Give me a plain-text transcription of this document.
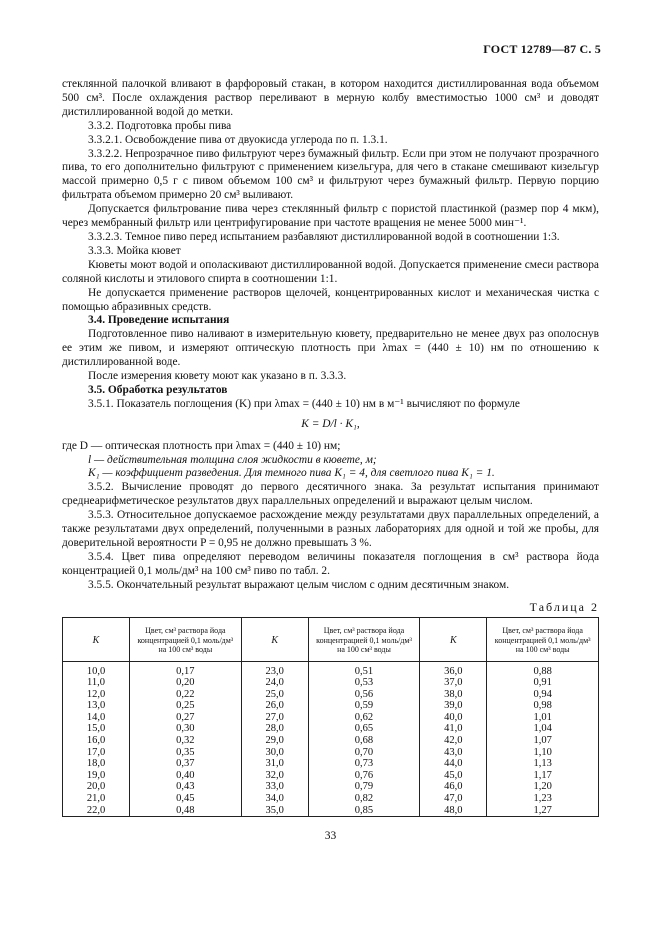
ГОСТ 12789—87 С. 5

стеклянной палочкой вливают в фарфоровый стакан, в котором находится дистиллированная вода объемом 500 см³. После охлаждения раствор переливают в мерную колбу вместимостью 1000 см³ и доводят дистиллированной водой до метки.

3.3.2. Подготовка пробы пива

3.3.2.1. Освобождение пива от двуокисда углерода по п. 1.3.1.

3.3.2.2. Непрозрачное пиво фильтруют через бумажный фильтр. Если при этом не получают прозрачного пива, то его дополнительно фильтруют с применением кизельгура, для чего в стакане смешивают кизельгур массой примерно 0,5 г с пивом объемом 100 см³ и фильтруют через бумажный фильтр. Первую порцию фильтрата объемом примерно 20 см³ выливают.

Допускается фильтрование пива через стеклянный фильтр с пористой пластинкой (размер пор 4 мкм), через мембранный фильтр или центрифугирование при частоте вращения не менее 5000 мин⁻¹.

3.3.2.3. Темное пиво перед испытанием разбавляют дистиллированной водой в соотношении 1:3.

3.3.3. Мойка кювет

Кюветы моют водой и ополаскивают дистиллированной водой. Допускается применение смеси раствора соляной кислоты и этилового спирта в соотношении 1:1.

Не допускается применение растворов щелочей, концентрированных кислот и механическая чистка с помощью абразивных средств.

3.4. Проведение испытания

Подготовленное пиво наливают в измерительную кювету, предварительно не менее двух раз ополоснув ее этим же пивом, и измеряют оптическую плотность при λmax = (440 ± 10) нм по отношению к дистиллированной воде.

После измерения кювету моют как указано в п. 3.3.3.

3.5. Обработка результатов

3.5.1. Показатель поглощения (K) при λmax = (440 ± 10) нм в м⁻¹ вычисляют по формуле

K = D/l · K₁,

где D — оптическая плотность при λmax = (440 ± 10) нм;

l — действительная толщина слоя жидкости в кювете, м;

K₁ — коэффициент разведения. Для темного пива K₁ = 4, для светлого пива K₁ = 1.

3.5.2. Вычисление проводят до первого десятичного знака. За результат испытания принимают среднеарифметическое результатов двух параллельных определений и выражают целым числом.

3.5.3. Относительное допускаемое расхождение между результатами двух параллельных определений, а также результатами двух определений, полученными в разных лабораториях для одной и той же пробы, для доверительной вероятности P = 0,95 не должно превышать 3 %.

3.5.4. Цвет пива определяют переводом величины показателя поглощения в см³ раствора йода концентрацией 0,1 моль/дм³ на 100 см³ пиво по табл. 2.

3.5.5. Окончательный результат выражают целым числом с одним десятичным знаком.

Таблица 2
K	Цвет, см³ раствора йода концентрацией 0,1 моль/дм³ на 100 см³ воды	K	Цвет, см³ раствора йода концентрацией 0,1 моль/дм³ на 100 см³ воды	K	Цвет, см³ раствора йода концентрацией 0,1 моль/дм³ на 100 см³ воды
10,0	0,17	23,0	0,51	36,0	0,88
11,0	0,20	24,0	0,53	37,0	0,91
12,0	0,22	25,0	0,56	38,0	0,94
13,0	0,25	26,0	0,59	39,0	0,98
14,0	0,27	27,0	0,62	40,0	1,01
15,0	0,30	28,0	0,65	41,0	1,04
16,0	0,32	29,0	0,68	42,0	1,07
17,0	0,35	30,0	0,70	43,0	1,10
18,0	0,37	31,0	0,73	44,0	1,13
19,0	0,40	32,0	0,76	45,0	1,17
20,0	0,43	33,0	0,79	46,0	1,20
21,0	0,45	34,0	0,82	47,0	1,23
22,0	0,48	35,0	0,85	48,0	1,27
33
